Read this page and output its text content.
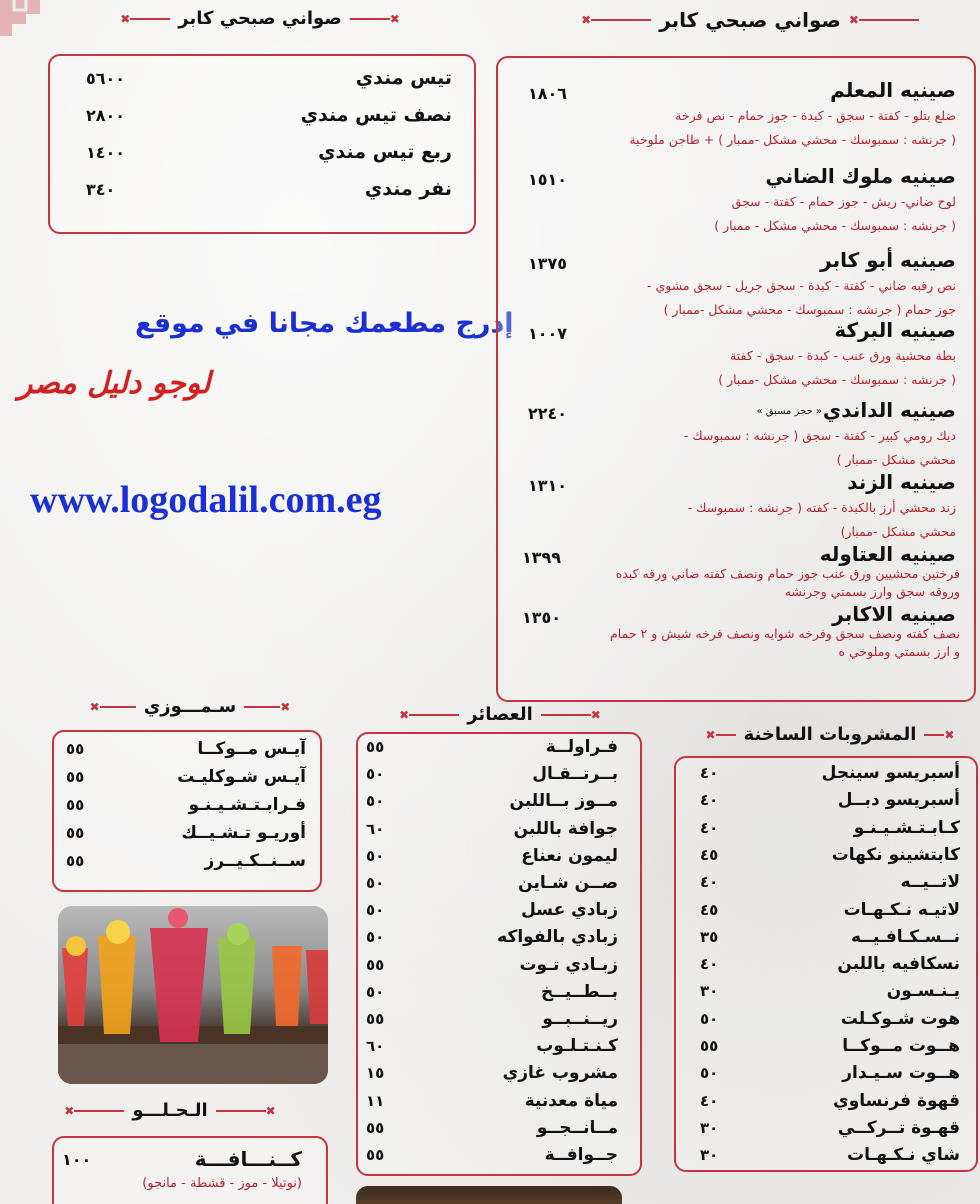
✖
صواني صبحي كابر
✖
تيس مندي
٥٦٠٠
نصف تيس مندي
٢٨٠٠
ربع تيس مندي
١٤٠٠
نفر مندي
٣٤٠
إدرج مطعمك مجانا في موقع
لوجو دليل مصر
www.logodalil.com.eg
✖
صواني صبحي كابر
✖
صينيه المعلم
١٨٠٦
ضلع بتلو - كفتة - سجق - كبدة - جوز حمام - نص فرخة
( جرنشه : سمبوسك - محشي مشكل -ممبار ) + طاجن ملوخية
صينيه ملوك الضاني
١٥١٠
لوح ضاني- ريش - جوز حمام - كفتة - سجق
( جرنشه : سمبوسك - محشي مشكل - ممبار )
صينيه أبو كابر
١٣٧٥
نص رقبه ضاني - كفتة - كبدة - سجق جريل - سجق مشوي -
جوز حمام ( جرنشه : سمبوسك - محشي مشكل -ممبار )
صينيه البركة
١٠٠٧
بطة محشية ورق عنب - كبدة - سجق - كفتة
( جرنشه : سمبوسك - محشي مشكل -ممبار )
صينيه الداندي
٢٢٤٠	« حجز مسبق »
ديك رومي كبير - كفتة - سجق ( جرنشه : سمبوسك -
محشي مشكل -ممبار )
صينيه الزند
١٣١٠
زند محشي أرز بالكبدة - كفته ( جرنشه : سمبوسك -
محشي مشكل -ممبار)
صينيه العتاوله
١٣٩٩
فرختين محشيين ورق عنب جوز حمام ونصف كفته ضاني ورقه كبده
وروقه سجق وارز بسمتي وجرنشه
صينيه الاكابر
١٣٥٠
نصف كفته ونصف سجق وفرخه شوايه ونصف فرخه شيش و ٢ حمام
و ارز بسمتي وملوخي ه
✖
سـمـــوزي
✖
آيـس مــوكــا
٥٥
آيـس شـوكليـت
٥٥
فـرابـتـشـيـنـو
٥٥
أوريـو تـشـيــك
٥٥
ســنــكـيــرز
٥٥
✖
العصائر
✖
فـراولــة
٥٥
بــرتــقـال
٥٠
مــوز بــاللبن
٥٠
جوافة باللبن
٦٠
ليمون نعناع
٥٠
صــن شـاين
٥٠
زبادي عسل
٥٠
زبادي بالفواكه
٥٠
زبـادي تـوت
٥٥
بــطــيــخ
٥٠
ريــنــبــو
٥٥
كـنـتـلـوب
٦٠
مشروب غازي
١٥
مياة معدنية
١١
مــانــجــو
٥٥
جــوافــة
٥٥
✖
المشروبات الساخنة
✖
أسبريسو سينجل
٤٠
أسبريسو دبــل
٤٠
كـابـتـشـيـنـو
٤٠
كابتشينو نكهات
٤٥
لاتــيــه
٤٠
لاتيـه نـكـهـات
٤٥
نــسـكـافـيــه
٣٥
نسكافيه باللبن
٤٠
يـنـسـون
٣٠
هوت شـوكـلت
٥٠
هــوت مــوكــا
٥٥
هــوت سـيـدار
٥٠
قهوة فرنساوي
٤٠
قهـوة تــركــي
٣٠
شاي نـكـهـات
٣٠
✖
الـحـلـــو
✖
كــنـــافـــة
١٠٠
(نوتيلا - موز - قشطة - مانجو)
